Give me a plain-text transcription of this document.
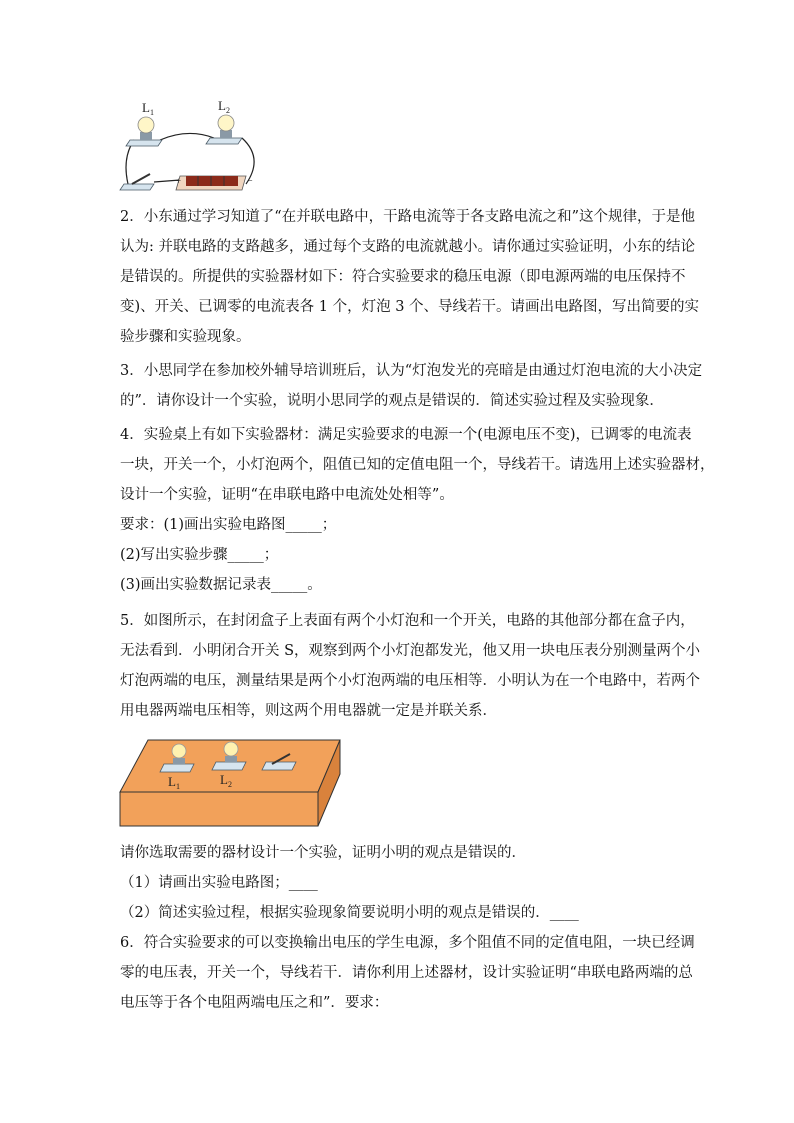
$L_1$	$L_2$
+	−
2．小东通过学习知道了“在并联电路中，干路电流等于各支路电流之和”这个规律，于是他
认为: 并联电路的支路越多，通过每个支路的电流就越小。请你通过实验证明，小东的结论
是错误的。所提供的实验器材如下：符合实验要求的稳压电源（即电源两端的电压保持不
变)、开关、已调零的电流表各 1 个，灯泡 3 个、导线若干。请画出电路图，写出简要的实
验步骤和实验现象。
3．小思同学在参加校外辅导培训班后，认为“灯泡发光的亮暗是由通过灯泡电流的大小决定
的”．请你设计一个实验，说明小思同学的观点是错误的．简述实验过程及实验现象．
4．实验桌上有如下实验器材：满足实验要求的电源一个(电源电压不变)，已调零的电流表
一块，开关一个，小灯泡两个，阻值已知的定值电阻一个，导线若干。请选用上述实验器材，
设计一个实验，证明“在串联电路中电流处处相等”。
要求：(1)画出实验电路图_____；
(2)写出实验步骤_____；
(3)画出实验数据记录表_____。
5．如图所示，在封闭盒子上表面有两个小灯泡和一个开关，电路的其他部分都在盒子内，
无法看到．小明闭合开关 S，观察到两个小灯泡都发光，他又用一块电压表分别测量两个小
灯泡两端的电压，测量结果是两个小灯泡两端的电压相等．小明认为在一个电路中，若两个
用电器两端电压相等，则这两个用电器就一定是并联关系．
$L_1$	$L_2$
请你选取需要的器材设计一个实验，证明小明的观点是错误的．
（1）请画出实验电路图；____
（2）简述实验过程，根据实验现象简要说明小明的观点是错误的．____
6．符合实验要求的可以变换输出电压的学生电源，多个阻值不同的定值电阻，一块已经调
零的电压表，开关一个，导线若干．请你利用上述器材，设计实验证明“串联电路两端的总
电压等于各个电阻两端电压之和”．要求：
